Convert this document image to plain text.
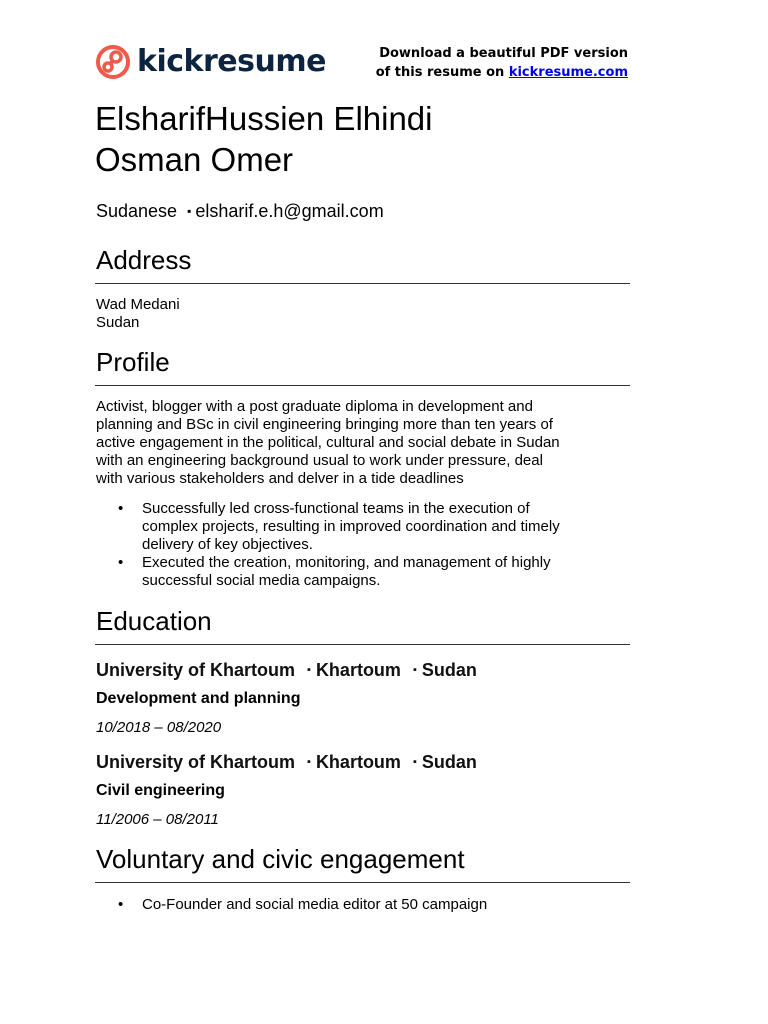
kickresume	Download a beautiful PDF version
of this resume on kickresume.com
ElsharifHussien Elhindi
Osman Omer
Sudanese ▪ elsharif.e.h@gmail.com
Address
Wad Medani
Sudan
Profile
Activist, blogger with a post graduate diploma in development and
planning and BSc in civil engineering bringing more than ten years of
active engagement in the political, cultural and social debate in Sudan
with an engineering background usual to work under pressure, deal
with various stakeholders and delver in a tide deadlines
• Successfully led cross-functional teams in the execution of
complex projects, resulting in improved coordination and timely
delivery of key objectives.
• Executed the creation, monitoring, and management of highly
successful social media campaigns.
Education
University of Khartoum ▪ Khartoum ▪ Sudan
Development and planning
10/2018 – 08/2020
University of Khartoum ▪ Khartoum ▪ Sudan
Civil engineering
11/2006 – 08/2011
Voluntary and civic engagement
• Co-Founder and social media editor at 50 campaign
